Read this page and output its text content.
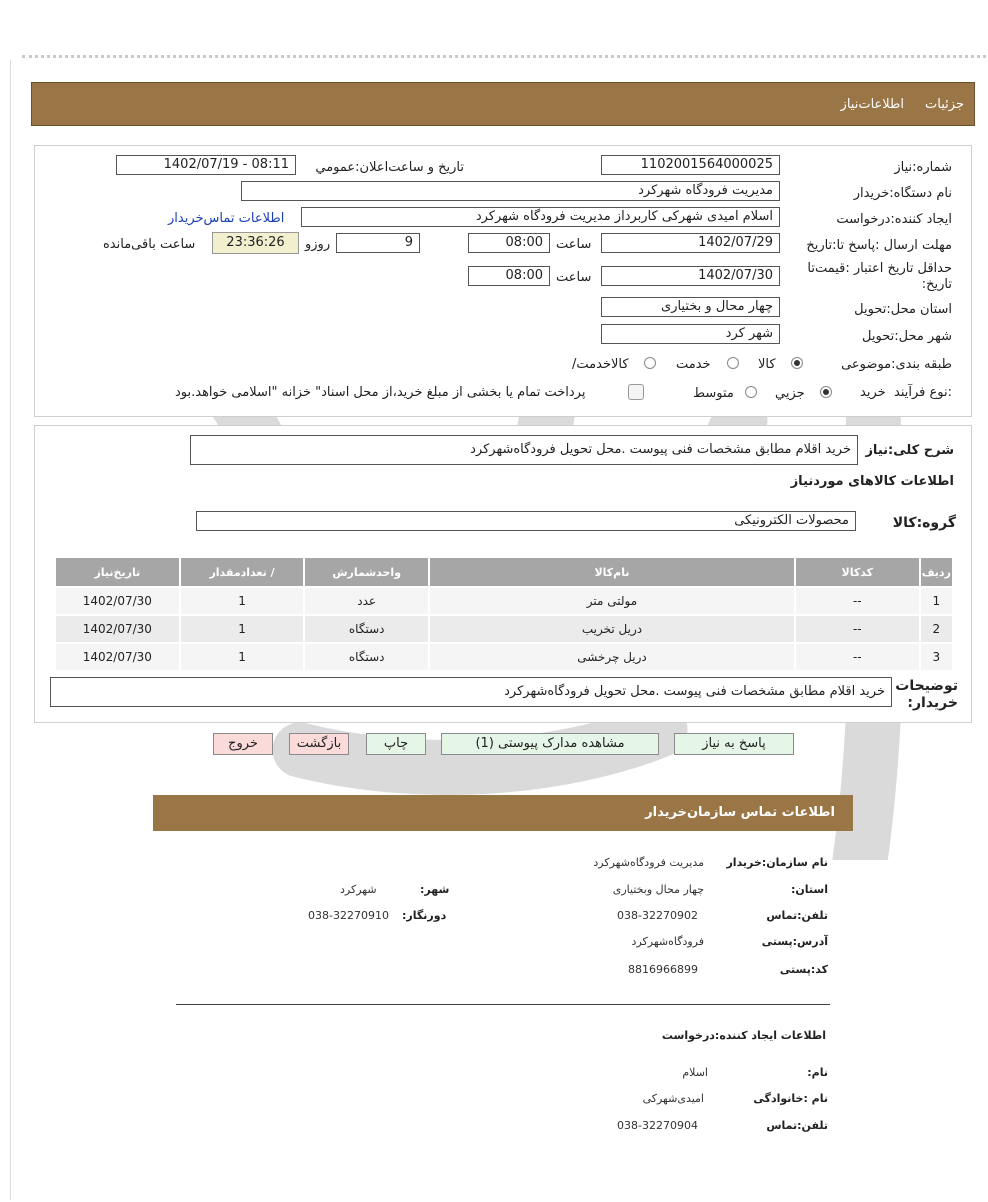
جزئیات
اطلاعات‌نیاز
شماره:نیاز
1102001564000025
تاريخ و ساعت‌اعلان:عمومي
1402/07/19 - 08:11
نام دستگاه:خریدار
مديريت فرودگاه شهرکرد
ایجاد کننده:درخواست
اسلام امیدی شهرکی کاربرداز مدیریت فرودگاه شهرکرد
اطلاعات تماس‌خریدار
مهلت ارسال :پاسخ تا:تاريخ
1402/07/29
ساعت
08:00
9
روزو
23:36:26
ساعت باقی‌مانده
حداقل تاريخ اعتبار :قیمت‌تا
:تاريخ
1402/07/30
ساعت
08:00
استان محل:تحویل
چهار محال و بختیاری
شهر محل:تحویل
شهر کرد
طبقه بندی:موضوعی
کالا
خدمت
/کالاخدمت
نوع فرآیند:
خرید
جزیي
متوسط
پرداخت تمام یا بخشی از مبلغ خرید،از محل اسناد" خزانه "اسلامی خواهد.بود
شرح کلی:نیاز
خرید اقلام مطابق مشخصات فنی پیوست .محل تحویل فرودگاه‌شهرکرد
اطلاعات کالاهای موردنیاز
گروه:کالا
محصولات الکترونیکی
ردیف	کدکالا	نام‌کالا	واحدشمارش	/ تعدادمقدار	تاریخ‌نیاز
1	--	مولتی متر	عدد	1	1402/07/30
2	--	دریل تخریب	دستگاه	1	1402/07/30
3	--	دریل چرخشی	دستگاه	1	1402/07/30
توضیحات
:خریدار
خرید اقلام مطابق مشخصات فنی پیوست .محل تحویل فرودگاه‌شهرکرد
پاسخ به نیاز
مشاهده مدارک پیوستی (1)
چاپ
بازگشت
خروج
اطلاعات تماس سازمان‌خریدار
نام سازمان:خریدار
مدیریت فرودگاه‌شهرکرد
:استان
چهار محال وبختیاری
:شهر
شهرکرد
تلفن:تماس
038-32270902
:دورنگار
038-32270910
آدرس:پستی
فرودگاه‌شهرکرد
کد:پستی
8816966899
اطلاعات ایجاد کننده:درخواست
:نام
اسلام
نام :خانوادگی
امیدی‌شهرکی
تلفن:تماس
038-32270904
